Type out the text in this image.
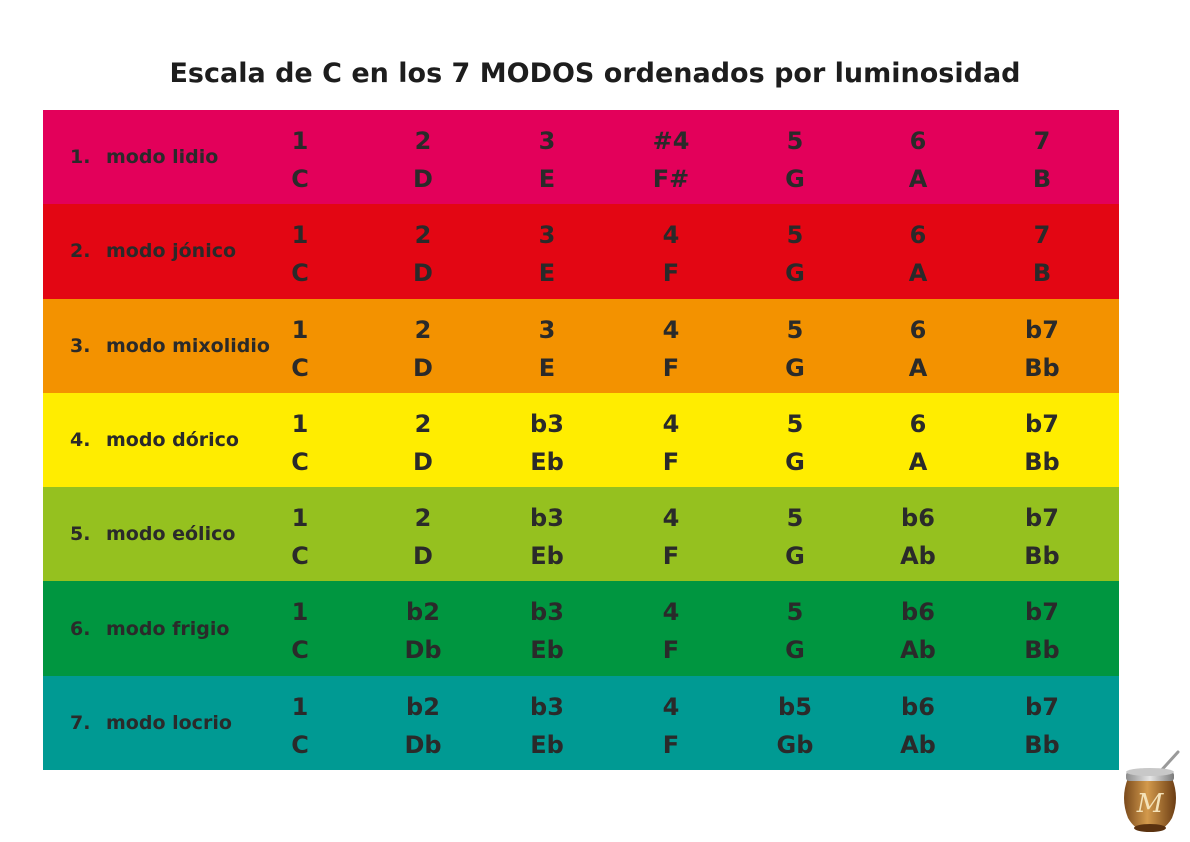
Escala de C en los 7 MODOS ordenados por luminosidad
1. modo lidio
1
C
2
D
3
E
#4
F#
5
G
6
A
7
B
2. modo jónico
1
C
2
D
3
E
4
F
5
G
6
A
7
B
3. modo mixolidio
1
C
2
D
3
E
4
F
5
G
6
A
b7
Bb
4. modo dórico
1
C
2
D
b3
Eb
4
F
5
G
6
A
b7
Bb
5. modo eólico
1
C
2
D
b3
Eb
4
F
5
G
b6
Ab
b7
Bb
6. modo frigio
1
C
b2
Db
b3
Eb
4
F
5
G
b6
Ab
b7
Bb
7. modo locrio
1
C
b2
Db
b3
Eb
4
F
b5
Gb
b6
Ab
b7
Bb
M
